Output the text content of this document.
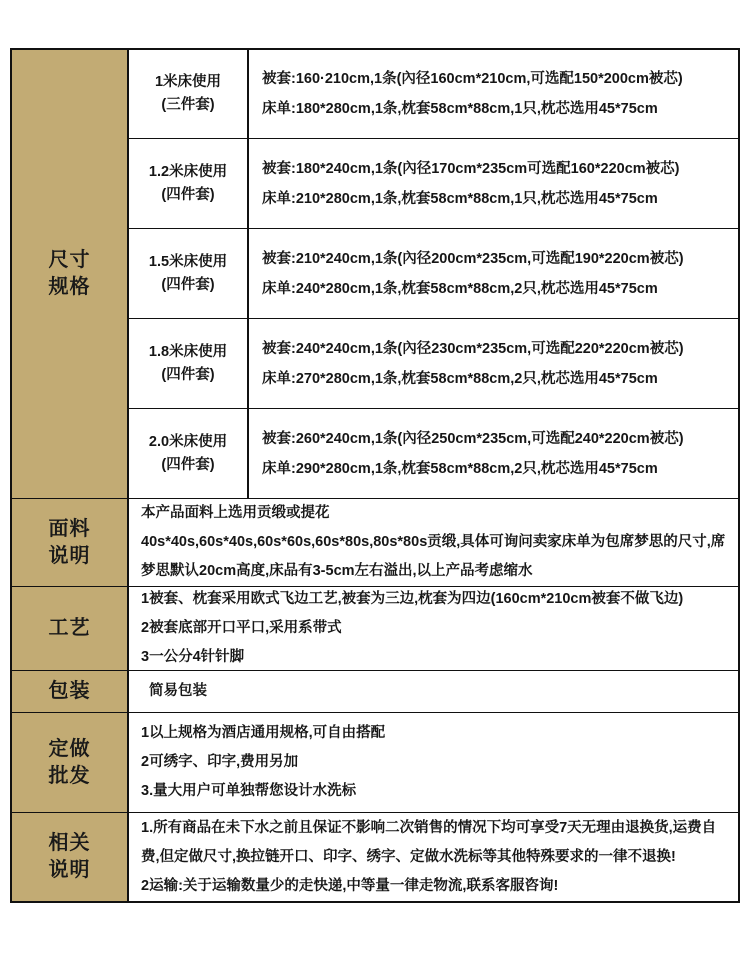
尺寸
规格
1米床使用
(三件套)
被套:160·210cm,1条(內径160cm*210cm,可选配150*200cm被芯)
床单:180*280cm,1条,枕套58cm*88cm,1只,枕芯选用45*75cm
1.2米床使用
(四件套)
被套:180*240cm,1条(內径170cm*235cm可选配160*220cm被芯)
床单:210*280cm,1条,枕套58cm*88cm,1只,枕芯选用45*75cm
1.5米床使用
(四件套)
被套:210*240cm,1条(內径200cm*235cm,可选配190*220cm被芯)
床单:240*280cm,1条,枕套58cm*88cm,2只,枕芯选用45*75cm
1.8米床使用
(四件套)
被套:240*240cm,1条(內径230cm*235cm,可选配220*220cm被芯)
床单:270*280cm,1条,枕套58cm*88cm,2只,枕芯选用45*75cm
2.0米床使用
(四件套)
被套:260*240cm,1条(內径250cm*235cm,可选配240*220cm被芯)
床单:290*280cm,1条,枕套58cm*88cm,2只,枕芯选用45*75cm
面料
说明
本产品面料上选用贡缎或提花
40s*40s,60s*40s,60s*60s,60s*80s,80s*80s贡缎,具体可询问卖家床单为包席梦思的尺寸,席梦思默认20cm高度,床品有3-5cm左右溢出,以上产品考虑缩水
工艺
1被套、枕套采用欧式飞边工艺,被套为三边,枕套为四边(160cm*210cm被套不做飞边)
2被套底部开口平口,采用系带式
3一公分4针针脚
包装	简易包装
定做
批发
1以上规格为酒店通用规格,可自由搭配
2可绣字、印字,费用另加
3.量大用户可单独帮您设计水洗标
相关
说明
1.所有商品在未下水之前且保证不影响二次销售的情况下均可享受7天无理由退换货,运费自费,但定做尺寸,换拉链开口、印字、绣字、定做水洗标等其他特殊要求的一律不退换!
2运输:关于运输数量少的走快递,中等量一律走物流,联系客服咨询!
